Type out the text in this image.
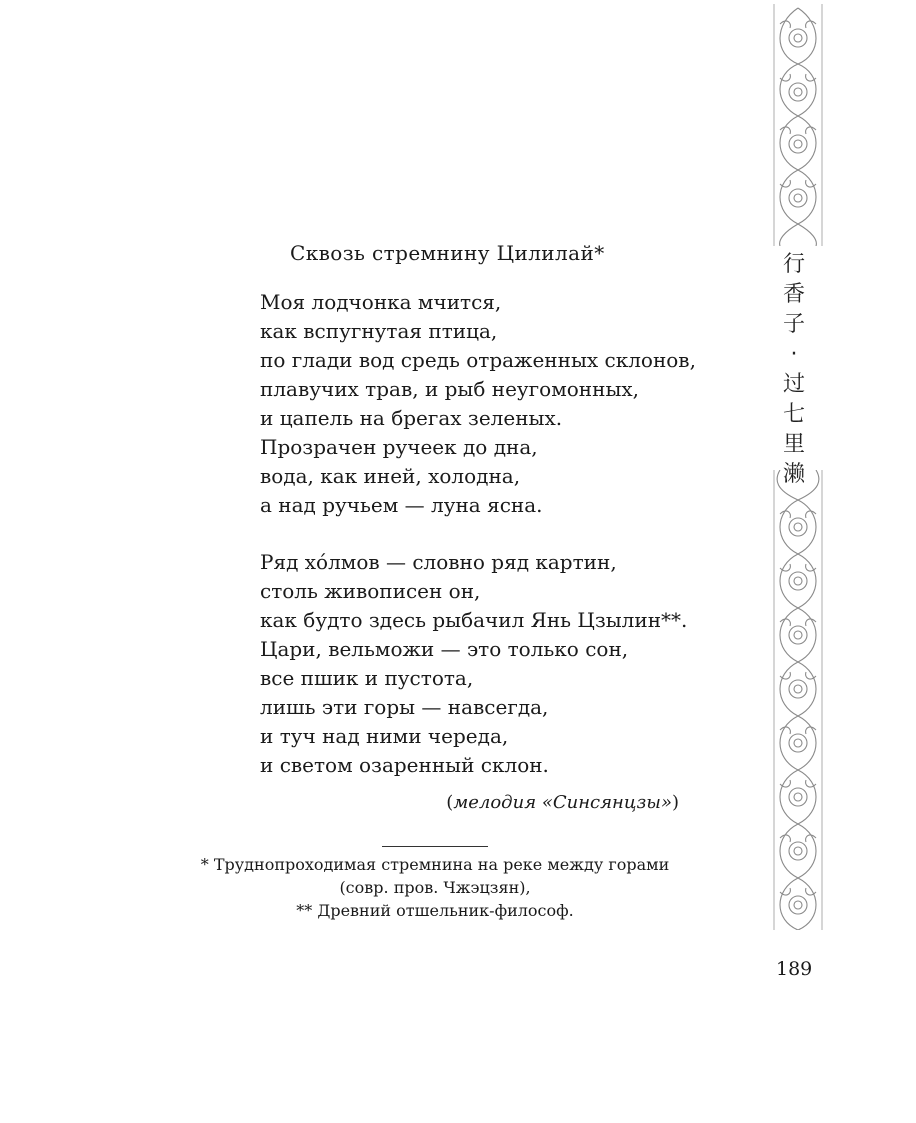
Сквозь стремнину Цилилай*
Моя лодчонка мчится,
как вспугнутая птица,
по глади вод средь отраженных склонов,
плавучих трав, и рыб неугомонных,
и цапель на брегах зеленых.
Прозрачен ручеек до дна,
вода, как иней, холодна,
а над ручьем — луна ясна.
Ряд хóлмов — словно ряд картин,
столь живописен он,
как будто здесь рыбачил Янь Цзылин**.
Цари, вельможи — это только сон,
все пшик и пустота,
лишь эти горы — навсегда,
и туч над ними череда,
и светом озаренный склон.
(мелодия «Синсянцзы»)
* Труднопроходимая стремнина на реке между горами
(совр. пров. Чжэцзян),
** Древний отшельник-философ.
行
香
子
·
过
七
里
濑
189
